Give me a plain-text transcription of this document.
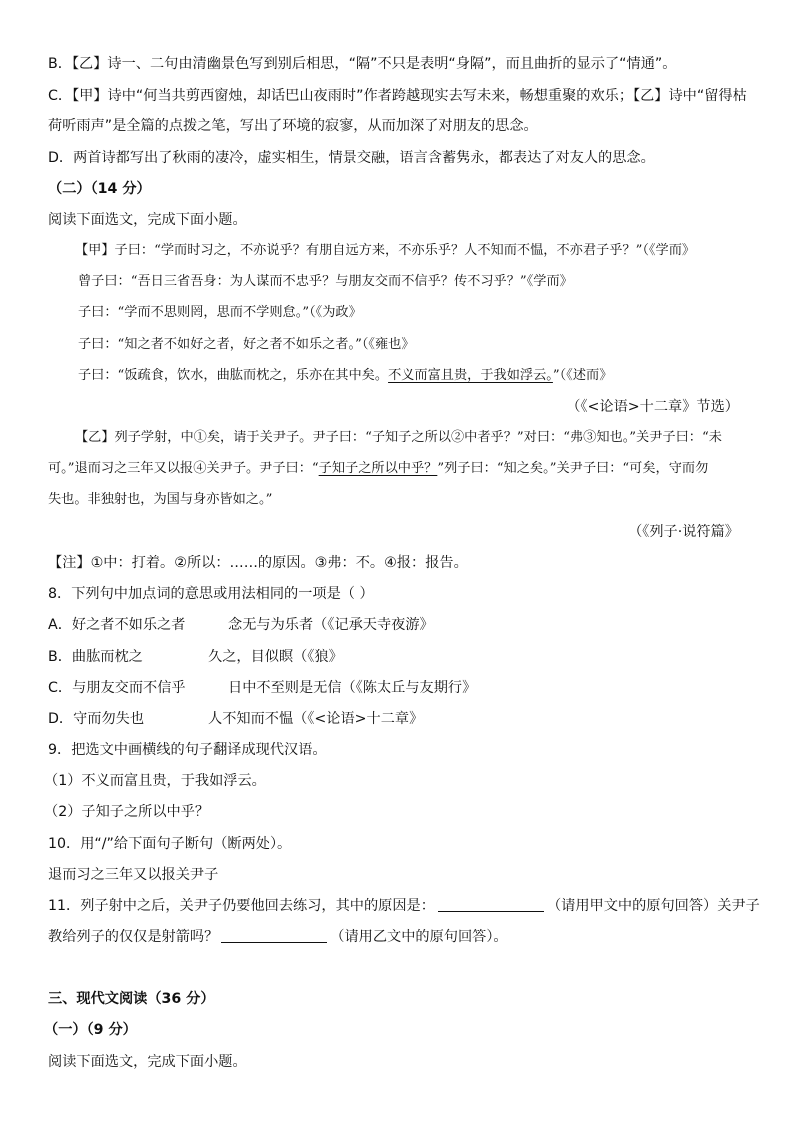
B．【乙】诗一、二句由清幽景色写到别后相思，“隔”不只是表明“身隔”，而且曲折的显示了“情通”。
C．【甲】诗中“何当共剪西窗烛，却话巴山夜雨时”作者跨越现实去写未来，畅想重聚的欢乐；【乙】诗中“留得枯
荷听雨声”是全篇的点拨之笔，写出了环境的寂寥，从而加深了对朋友的思念。
D．两首诗都写出了秋雨的凄冷，虚实相生，情景交融，语言含蓄隽永，都表达了对友人的思念。
（二）（14 分）
阅读下面选文，完成下面小题。
【甲】子曰：“学而时习之，不亦说乎？有朋自远方来，不亦乐乎？人不知而不愠，不亦君子乎？”（《学而》
曾子曰：“吾日三省吾身：为人谋而不忠乎？与朋友交而不信乎？传不习乎？”《学而》
子曰：“学而不思则罔，思而不学则怠。”（《为政》
子曰：“知之者不如好之者，好之者不如乐之者。”（《雍也》
子曰：“饭疏食，饮水，曲肱而枕之，乐亦在其中矣。不义而富且贵，于我如浮云。”（《述而》
（《<论语>十二章》节选）
【乙】列子学射，中①矣，请于关尹子。尹子曰：“子知子之所以②中者乎？”对曰：“弗③知也。”关尹子曰：“未
可。”退而习之三年又以报④关尹子。尹子曰：“子知子之所以中乎？”列子曰：“知之矣。”关尹子曰：“可矣，守而勿
失也。非独射也，为国与身亦皆如之。”
（《列子·说符篇》
【注】①中：打着。②所以：……的原因。③弗：不。④报：报告。
8．下列句中加点词的意思或用法相同的一项是（ ）
A．好之者不如乐之者	念无与为乐者（《记承天寺夜游》
B．曲肱而枕之	久之，目似瞑（《狼》
C．与朋友交而不信乎	日中不至则是无信（《陈太丘与友期行》
D．守而勿失也	人不知而不愠（《<论语>十二章》
9．把选文中画横线的句子翻译成现代汉语。
（1）不义而富且贵，于我如浮云。
（2）子知子之所以中乎？
10．用“/”给下面句子断句（断两处）。
退而习之三年又以报关尹子
11．列子射中之后，关尹子仍要他回去练习，其中的原因是：	（请用甲文中的原句回答）关尹子
教给列子的仅仅是射箭吗？	（请用乙文中的原句回答）。
三、现代文阅读（36 分）
（一）（9 分）
阅读下面选文，完成下面小题。
